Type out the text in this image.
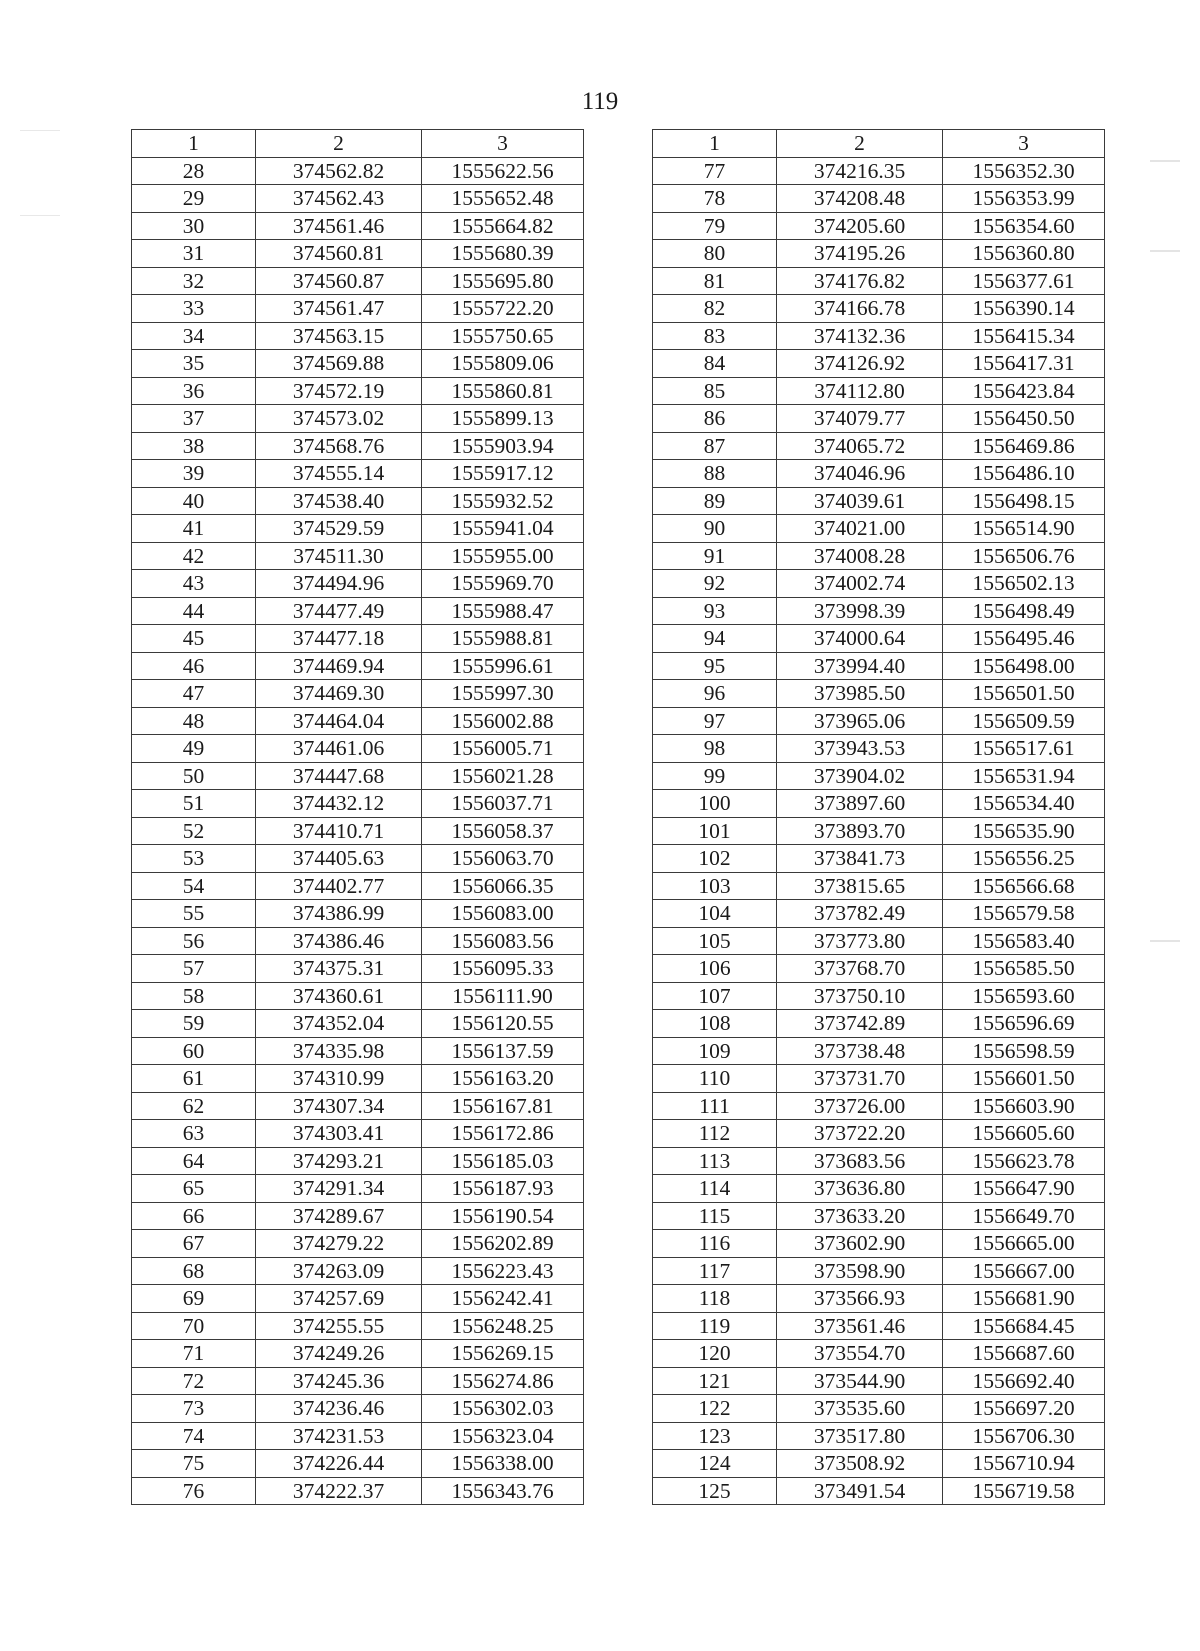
119
1	2	3
28	374562.82	1555622.56
29	374562.43	1555652.48
30	374561.46	1555664.82
31	374560.81	1555680.39
32	374560.87	1555695.80
33	374561.47	1555722.20
34	374563.15	1555750.65
35	374569.88	1555809.06
36	374572.19	1555860.81
37	374573.02	1555899.13
38	374568.76	1555903.94
39	374555.14	1555917.12
40	374538.40	1555932.52
41	374529.59	1555941.04
42	374511.30	1555955.00
43	374494.96	1555969.70
44	374477.49	1555988.47
45	374477.18	1555988.81
46	374469.94	1555996.61
47	374469.30	1555997.30
48	374464.04	1556002.88
49	374461.06	1556005.71
50	374447.68	1556021.28
51	374432.12	1556037.71
52	374410.71	1556058.37
53	374405.63	1556063.70
54	374402.77	1556066.35
55	374386.99	1556083.00
56	374386.46	1556083.56
57	374375.31	1556095.33
58	374360.61	1556111.90
59	374352.04	1556120.55
60	374335.98	1556137.59
61	374310.99	1556163.20
62	374307.34	1556167.81
63	374303.41	1556172.86
64	374293.21	1556185.03
65	374291.34	1556187.93
66	374289.67	1556190.54
67	374279.22	1556202.89
68	374263.09	1556223.43
69	374257.69	1556242.41
70	374255.55	1556248.25
71	374249.26	1556269.15
72	374245.36	1556274.86
73	374236.46	1556302.03
74	374231.53	1556323.04
75	374226.44	1556338.00
76	374222.37	1556343.76
1	2	3
77	374216.35	1556352.30
78	374208.48	1556353.99
79	374205.60	1556354.60
80	374195.26	1556360.80
81	374176.82	1556377.61
82	374166.78	1556390.14
83	374132.36	1556415.34
84	374126.92	1556417.31
85	374112.80	1556423.84
86	374079.77	1556450.50
87	374065.72	1556469.86
88	374046.96	1556486.10
89	374039.61	1556498.15
90	374021.00	1556514.90
91	374008.28	1556506.76
92	374002.74	1556502.13
93	373998.39	1556498.49
94	374000.64	1556495.46
95	373994.40	1556498.00
96	373985.50	1556501.50
97	373965.06	1556509.59
98	373943.53	1556517.61
99	373904.02	1556531.94
100	373897.60	1556534.40
101	373893.70	1556535.90
102	373841.73	1556556.25
103	373815.65	1556566.68
104	373782.49	1556579.58
105	373773.80	1556583.40
106	373768.70	1556585.50
107	373750.10	1556593.60
108	373742.89	1556596.69
109	373738.48	1556598.59
110	373731.70	1556601.50
111	373726.00	1556603.90
112	373722.20	1556605.60
113	373683.56	1556623.78
114	373636.80	1556647.90
115	373633.20	1556649.70
116	373602.90	1556665.00
117	373598.90	1556667.00
118	373566.93	1556681.90
119	373561.46	1556684.45
120	373554.70	1556687.60
121	373544.90	1556692.40
122	373535.60	1556697.20
123	373517.80	1556706.30
124	373508.92	1556710.94
125	373491.54	1556719.58
